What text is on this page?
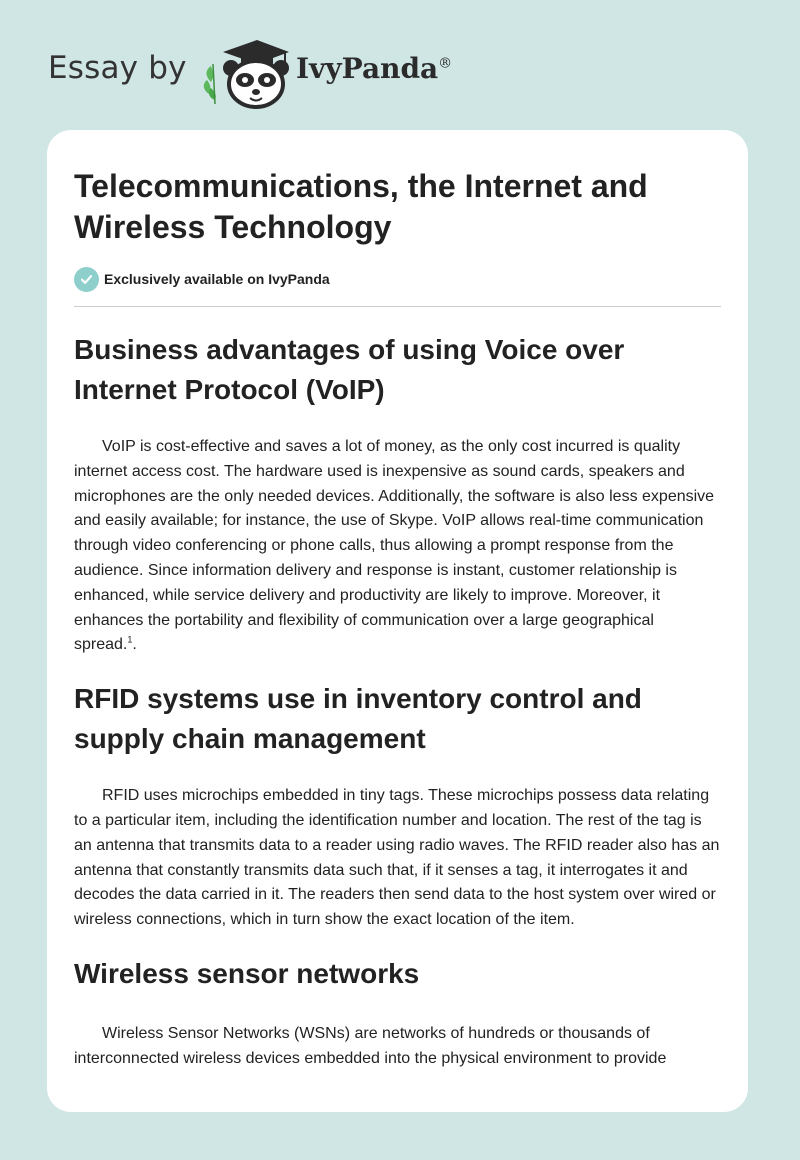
Essay by	IvyPanda®
Telecommunications, the Internet and Wireless Technology
Exclusively available on IvyPanda
Business advantages of using Voice over Internet Protocol (VoIP)

VoIP is cost-effective and saves a lot of money, as the only cost incurred is quality internet access cost. The hardware used is inexpensive as sound cards, speakers and microphones are the only needed devices. Additionally, the software is also less expensive and easily available; for instance, the use of Skype. VoIP allows real-time communication through video conferencing or phone calls, thus allowing a prompt response from the audience. Since information delivery and response is instant, customer relationship is enhanced, while service delivery and productivity are likely to improve. Moreover, it enhances the portability and flexibility of communication over a large geographical spread.$^1$.

RFID systems use in inventory control and supply chain management

RFID uses microchips embedded in tiny tags. These microchips possess data relating to a particular item, including the identification number and location. The rest of the tag is an antenna that transmits data to a reader using radio waves. The RFID reader also has an antenna that constantly transmits data such that, if it senses a tag, it interrogates it and decodes the data carried in it. The readers then send data to the host system over wired or wireless connections, which in turn show the exact location of the item.

Wireless sensor networks

Wireless Sensor Networks (WSNs) are networks of hundreds or thousands of interconnected wireless devices embedded into the physical environment to provide
